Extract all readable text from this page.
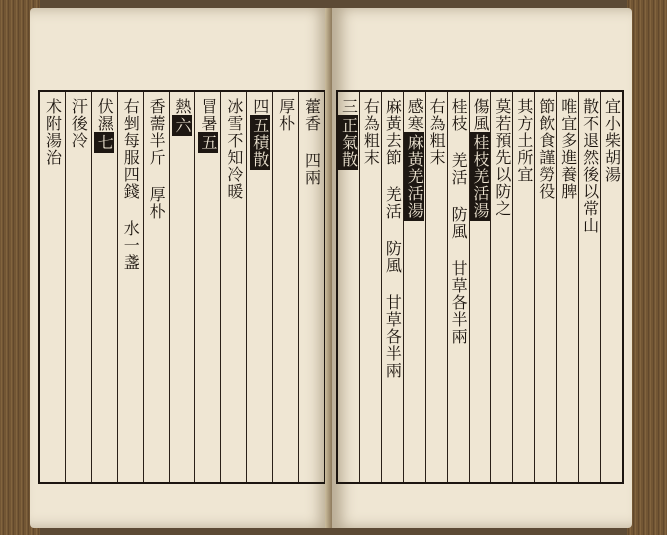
藿香 四兩
厚朴
四
五積散
冰雪不知冷暖
冒暑
五
熱
六
香薷半斤 厚朴
右剉每服四錢 水一盞
伏濕
七
汗後冷
术附湯治	宜小柴胡湯
散不退然後以常山
唯宜多進養脾
節飲食謹勞役
其方土所宜
莫若預先以防之
傷風
桂枝羌活湯
桂枝 羌活 防風 甘草各半兩
右為粗末
感寒
麻黃羌活湯
麻黃去節 羌活 防風 甘草各半兩
右為粗末
三
正氣散
